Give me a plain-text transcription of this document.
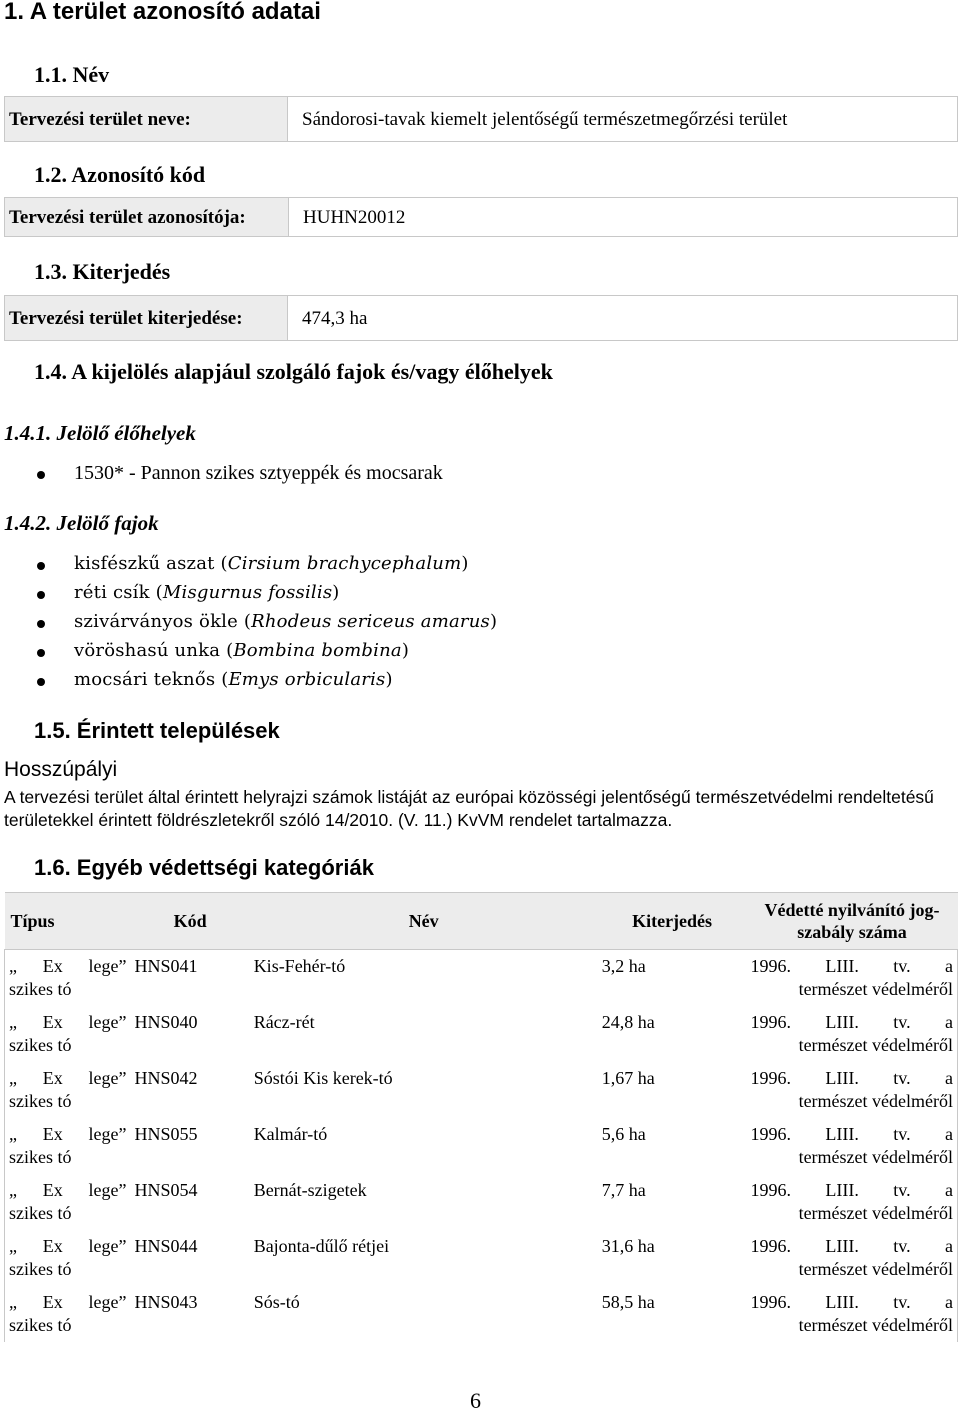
1. A terület azonosító adatai
1.1. Név
Tervezési terület neve:	Sándorosi-tavak kiemelt jelentőségű természetmegőrzési terület
1.2. Azonosító kód
Tervezési terület azonosítója:	HUHN20012
1.3. Kiterjedés
Tervezési terület kiterjedése:	474,3 ha
1.4. A kijelölés alapjául szolgáló fajok és/vagy élőhelyek
1.4.1. Jelölő élőhelyek
1530* - Pannon szikes sztyeppék és mocsarak
1.4.2. Jelölő fajok
kisfészkű aszat (Cirsium brachycephalum)
réti csík (Misgurnus fossilis)
szivárványos ökle (Rhodeus sericeus amarus)
vöröshasú unka (Bombina bombina)
mocsári teknős (Emys orbicularis)
1.5. Érintett települések
Hosszúpályi
A tervezési terület által érintett helyrajzi számok listáját az európai közösségi jelentőségű természetvédelmi rendeltetésű
területekkel érintett földrészletekről szóló 14/2010. (V. 11.) KvVM rendelet tartalmazza.
1.6. Egyéb védettségi kategóriák
Típus	Kód	Név	Kiterjedés	Védetté nyilvánító jog-szabály száma
„ Ex lege” szikes tó	HNS041	Kis-Fehér-tó	3,2 ha	1996. LIII. tv. a
természet védelméről

„ Ex lege” szikes tó	HNS040	Rácz-rét	24,8 ha	1996. LIII. tv. a
természet védelméről

„ Ex lege” szikes tó	HNS042	Sóstói Kis kerek-tó	1,67 ha	1996. LIII. tv. a
természet védelméről

„ Ex lege” szikes tó	HNS055	Kalmár-tó	5,6 ha	1996. LIII. tv. a
természet védelméről

„ Ex lege” szikes tó	HNS054	Bernát-szigetek	7,7 ha	1996. LIII. tv. a
természet védelméről

„ Ex lege” szikes tó	HNS044	Bajonta-dűlő rétjei	31,6 ha	1996. LIII. tv. a
természet védelméről

„ Ex lege” szikes tó	HNS043	Sós-tó	58,5 ha	1996. LIII. tv. a
természet védelméről
6
